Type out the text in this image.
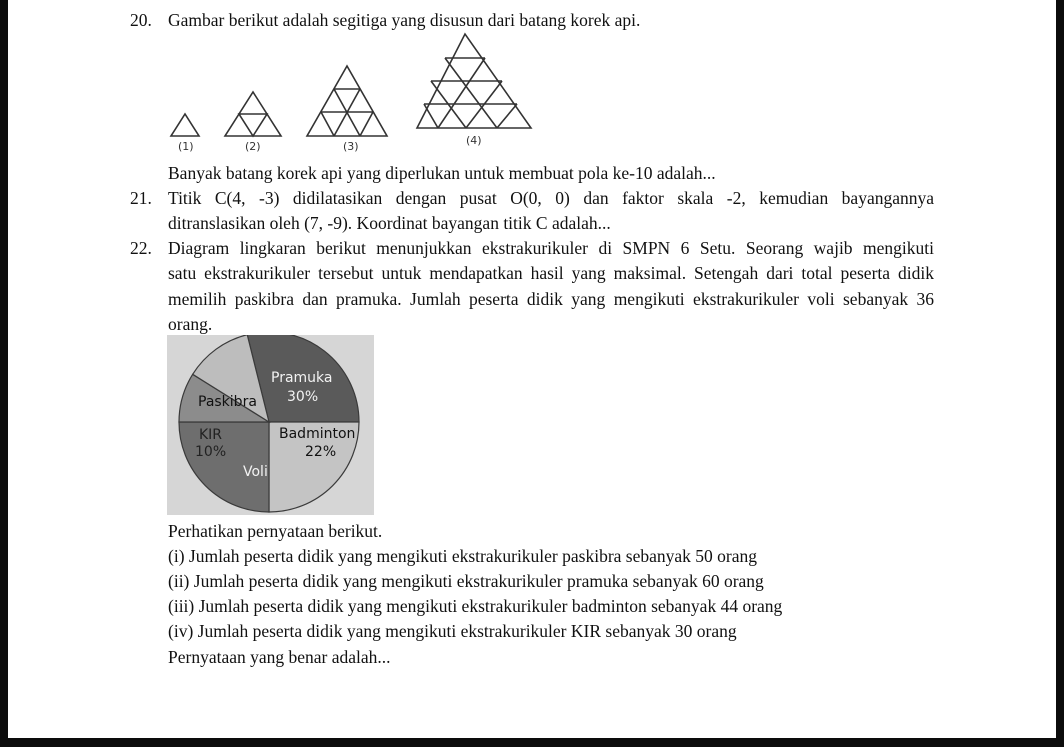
20. Gambar berikut adalah segitiga yang disusun dari batang korek api.
(1)	(2)	(3)	(4)
Banyak batang korek api yang diperlukan untuk membuat pola ke-10 adalah...
21. Titik C(4, -3) didilatasikan dengan pusat O(0, 0) dan faktor skala -2, kemudian bayangannya
ditranslasikan oleh (7, -9). Koordinat bayangan titik C adalah...
22. Diagram lingkaran berikut menunjukkan ekstrakurikuler di SMPN 6 Setu. Seorang wajib mengikuti
satu ekstrakurikuler tersebut untuk mendapatkan hasil yang maksimal. Setengah dari total peserta didik
memilih paskibra dan pramuka. Jumlah peserta didik yang mengikuti ekstrakurikuler voli sebanyak 36
orang.
Pramuka
30%
Badminton
22%
Voli
KIR
10%
Paskibra
Perhatikan pernyataan berikut.
(i) Jumlah peserta didik yang mengikuti ekstrakurikuler paskibra sebanyak 50 orang
(ii) Jumlah peserta didik yang mengikuti ekstrakurikuler pramuka sebanyak 60 orang
(iii) Jumlah peserta didik yang mengikuti ekstrakurikuler badminton sebanyak 44 orang
(iv) Jumlah peserta didik yang mengikuti ekstrakurikuler KIR sebanyak 30 orang
Pernyataan yang benar adalah...
